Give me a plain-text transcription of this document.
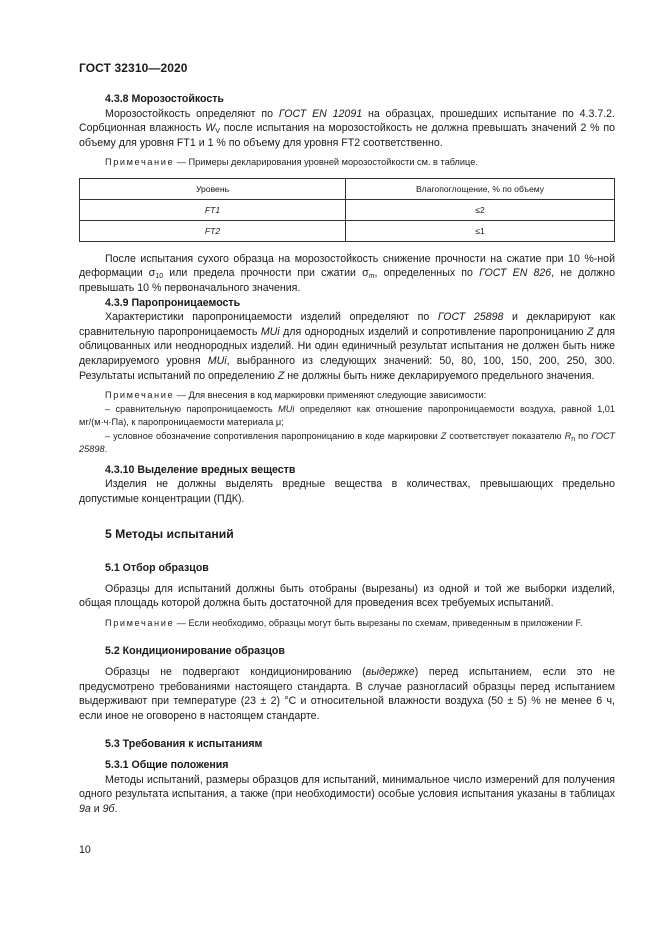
ГОСТ 32310—2020

4.3.8 Морозостойкость

Морозостойкость определяют по ГОСТ EN 12091 на образцах, прошедших испытание по 4.3.7.2. Сорбционная влажность $W_V$ после испытания на морозостойкость не должна превышать значений 2 % по объему для уровня FT1 и 1 % по объему для уровня FT2 соответственно.

Примечание — Примеры декларирования уровней морозостойкости см. в таблице.

Уровень	Влагопоглощение, % по объему
FT1	≤2
FT2	≤1

После испытания сухого образца на морозостойкость снижение прочности на сжатие при 10 %-ной деформации $\sigma_{10}$ или предела прочности при сжатии $\sigma_m$, определенных по ГОСТ EN 826, не должно превышать 10 % первоначального значения.

4.3.9 Паропроницаемость

Характеристики паропроницаемости изделий определяют по ГОСТ 25898 и декларируют как сравнительную паропроницаемость MUi для однородных изделий и сопротивление паропроницанию Z для облицованных или неоднородных изделий. Ни один единичный результат испытания не должен быть ниже декларируемого уровня MUi, выбранного из следующих значений: 50, 80, 100, 150, 200, 250, 300. Результаты испытаний по определению Z не должны быть ниже декларируемого предельного значения.

Примечание — Для внесения в код маркировки применяют следующие зависимости:

– сравнительную паропроницаемость MUi определяют как отношение паропроницаемости воздуха, равной 1,01 мг/(м·ч·Па), к паропроницаемости материала μ;

– условное обозначение сопротивления паропроницанию в коде маркировки Z соответствует показателю $R_n$ по ГОСТ 25898.

4.3.10 Выделение вредных веществ

Изделия не должны выделять вредные вещества в количествах, превышающих предельно допустимые концентрации (ПДК).

5 Методы испытаний

5.1 Отбор образцов

Образцы для испытаний должны быть отобраны (вырезаны) из одной и той же выборки изделий, общая площадь которой должна быть достаточной для проведения всех требуемых испытаний.

Примечание — Если необходимо, образцы могут быть вырезаны по схемам, приведенным в приложении F.

5.2 Кондиционирование образцов

Образцы не подвергают кондиционированию (выдержке) перед испытанием, если это не предусмотрено требованиями настоящего стандарта. В случае разногласий образцы перед испытанием выдерживают при температуре (23 ± 2) °С и относительной влажности воздуха (50 ± 5) % не менее 6 ч, если иное не оговорено в настоящем стандарте.

5.3 Требования к испытаниям

5.3.1 Общие положения

Методы испытаний, размеры образцов для испытаний, минимальное число измерений для получения одного результата испытания, а также (при необходимости) особые условия испытания указаны в таблицах 9а и 9б.

10
